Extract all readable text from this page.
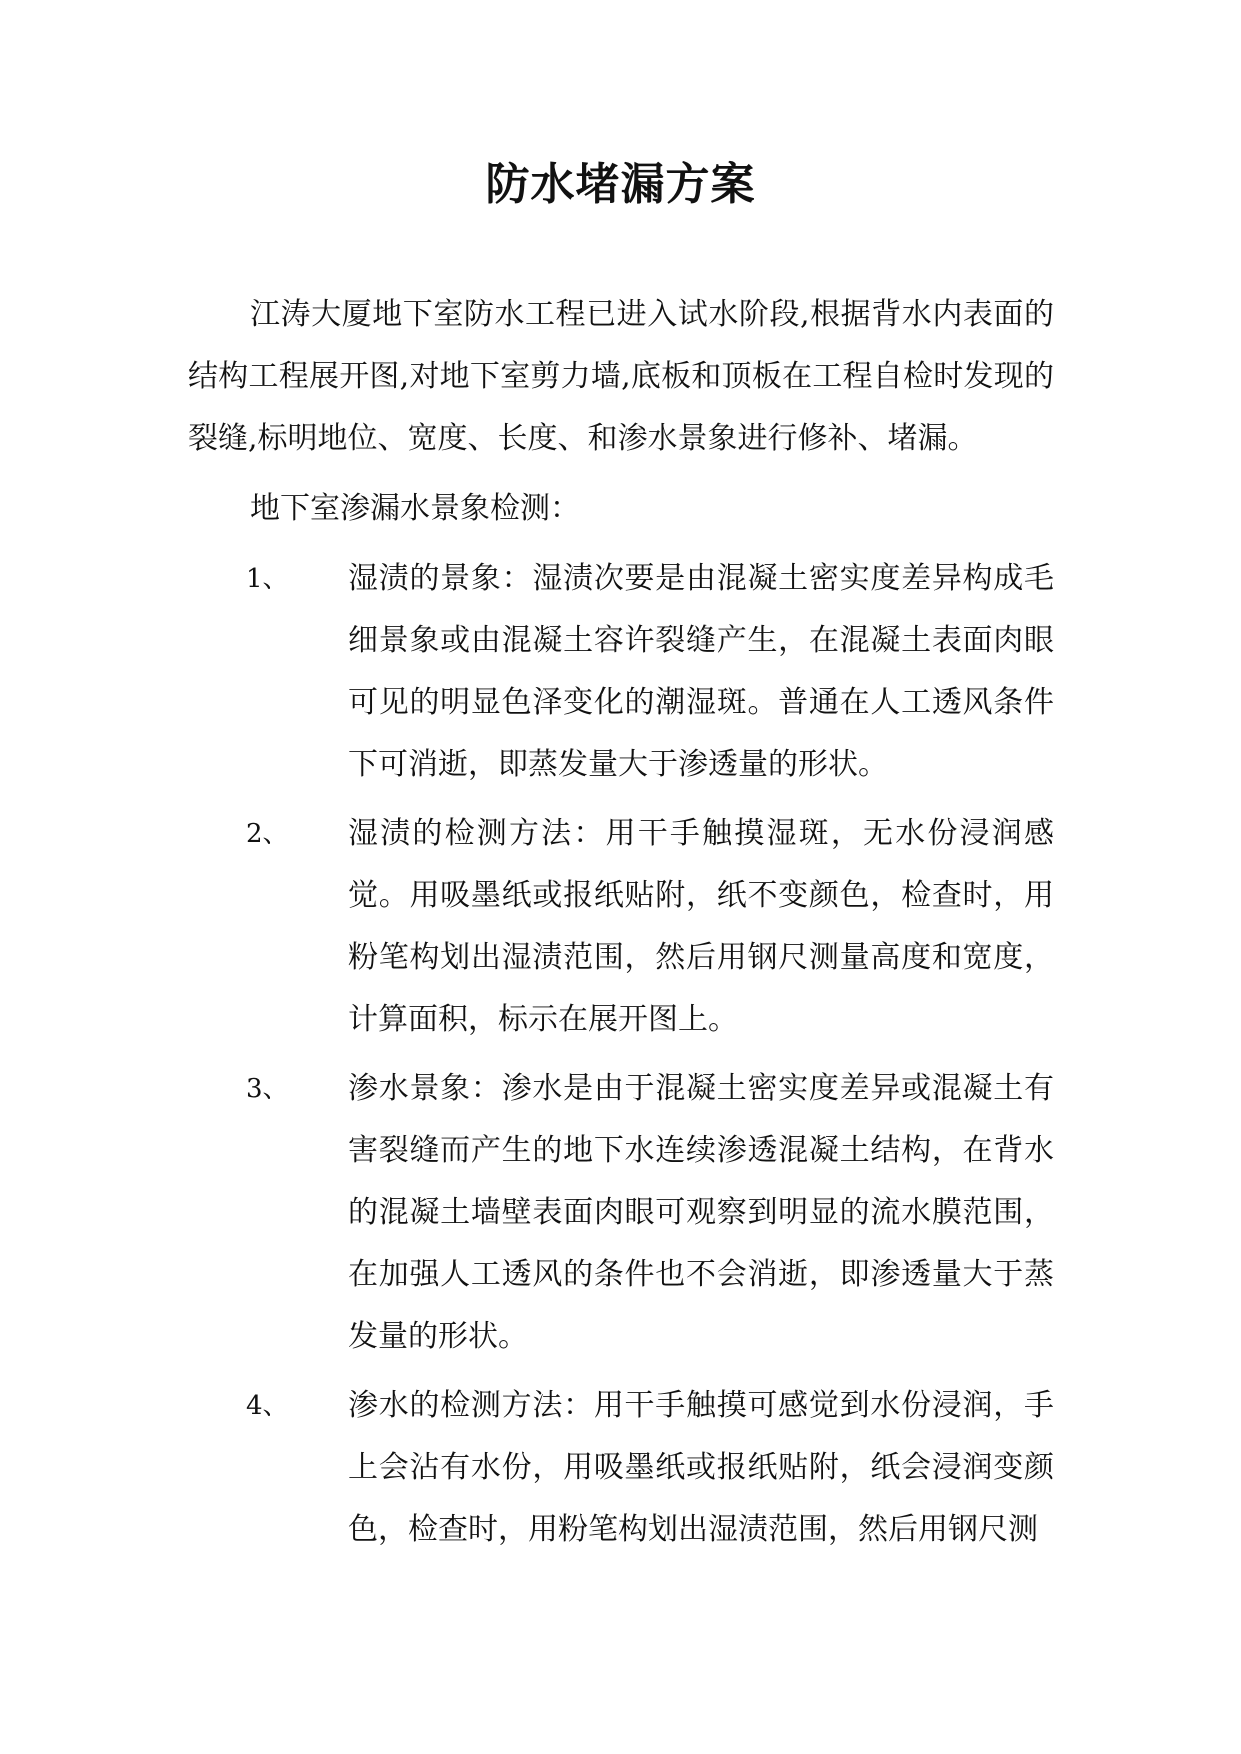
防水堵漏方案

江涛大厦地下室防水工程已进入试水阶段,根据背水内表面的结构工程展开图,对地下室剪力墙,底板和顶板在工程自检时发现的裂缝,标明地位、宽度、长度、和渗水景象进行修补、堵漏。

地下室渗漏水景象检测：

1、 湿渍的景象：湿渍次要是由混凝土密实度差异构成毛细景象或由混凝土容许裂缝产生，在混凝土表面肉眼可见的明显色泽变化的潮湿斑。普通在人工透风条件下可消逝，即蒸发量大于渗透量的形状。
2、 湿渍的检测方法：用干手触摸湿斑，无水份浸润感觉。用吸墨纸或报纸贴附，纸不变颜色，检查时，用粉笔构划出湿渍范围，然后用钢尺测量高度和宽度，计算面积，标示在展开图上。
3、 渗水景象：渗水是由于混凝土密实度差异或混凝土有害裂缝而产生的地下水连续渗透混凝土结构，在背水的混凝土墙壁表面肉眼可观察到明显的流水膜范围，在加强人工透风的条件也不会消逝，即渗透量大于蒸发量的形状。
4、 渗水的检测方法：用干手触摸可感觉到水份浸润，手上会沾有水份，用吸墨纸或报纸贴附，纸会浸润变颜色，检查时，用粉笔构划出湿渍范围，然后用钢尺测
